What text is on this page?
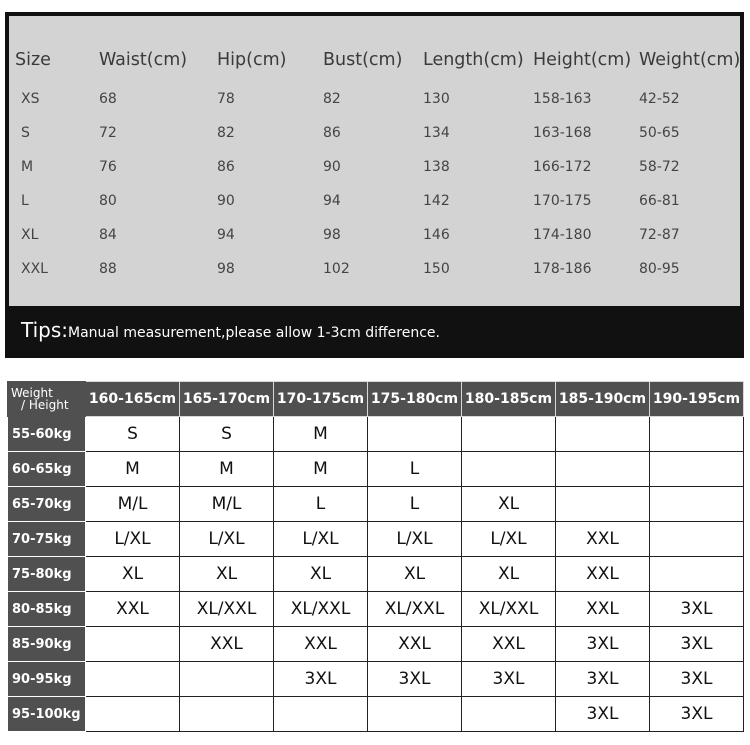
Size	Waist(cm)	Hip(cm)	Bust(cm)	Length(cm)	Height(cm)	Weight(cm)
XS	68	78	82	130	158-163	42-52
S	72	82	86	134	163-168	50-65
M	76	86	90	138	166-172	58-72
L	80	90	94	142	170-175	66-81
XL	84	94	98	146	174-180	72-87
XXL	88	98	102	150	178-186	80-95
Tips:Manual measurement,please allow 1-3cm difference.
Weight
/ Height	160-165cm	165-170cm	170-175cm	175-180cm	180-185cm	185-190cm	190-195cm
55-60kg	S	S	M				
60-65kg	M	M	M	L			
65-70kg	M/L	M/L	L	L	XL		
70-75kg	L/XL	L/XL	L/XL	L/XL	L/XL	XXL	
75-80kg	XL	XL	XL	XL	XL	XXL	
80-85kg	XXL	XL/XXL	XL/XXL	XL/XXL	XL/XXL	XXL	3XL
85-90kg		XXL	XXL	XXL	XXL	3XL	3XL
90-95kg			3XL	3XL	3XL	3XL	3XL
95-100kg						3XL	3XL
